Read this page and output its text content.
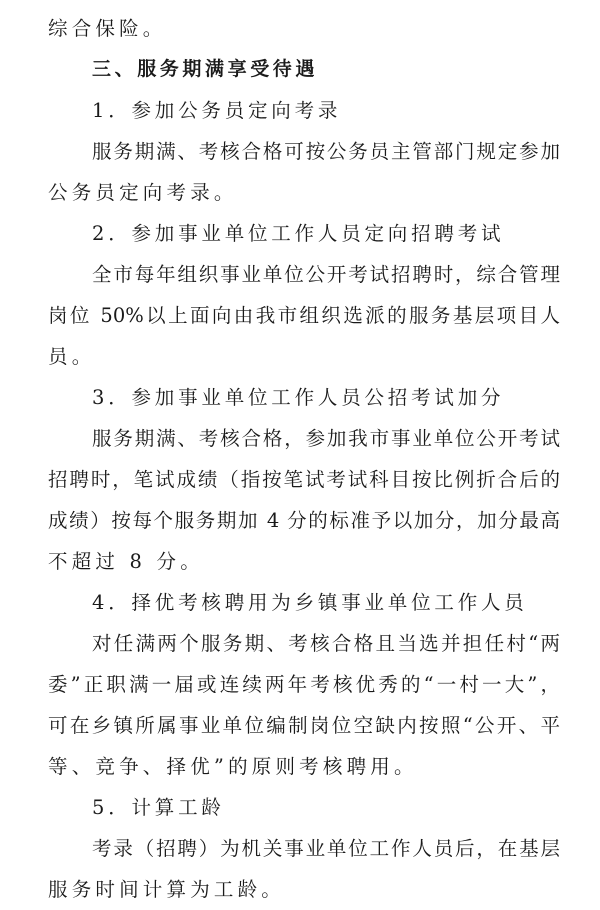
综合保险。
三、服务期满享受待遇
1．参加公务员定向考录
服务期满、考核合格可按公务员主管部门规定参加
公务员定向考录。
2．参加事业单位工作人员定向招聘考试
全市每年组织事业单位公开考试招聘时，综合管理
岗位 50%以上面向由我市组织选派的服务基层项目人
员。
3．参加事业单位工作人员公招考试加分
服务期满、考核合格，参加我市事业单位公开考试
招聘时，笔试成绩（指按笔试考试科目按比例折合后的
成绩）按每个服务期加 4 分的标准予以加分，加分最高
不超过 8 分。
4．择优考核聘用为乡镇事业单位工作人员
对任满两个服务期、考核合格且当选并担任村“两
委”正职满一届或连续两年考核优秀的“一村一大”，
可在乡镇所属事业单位编制岗位空缺内按照“公开、平
等、竞争、择优”的原则考核聘用。
5．计算工龄
考录（招聘）为机关事业单位工作人员后，在基层
服务时间计算为工龄。
